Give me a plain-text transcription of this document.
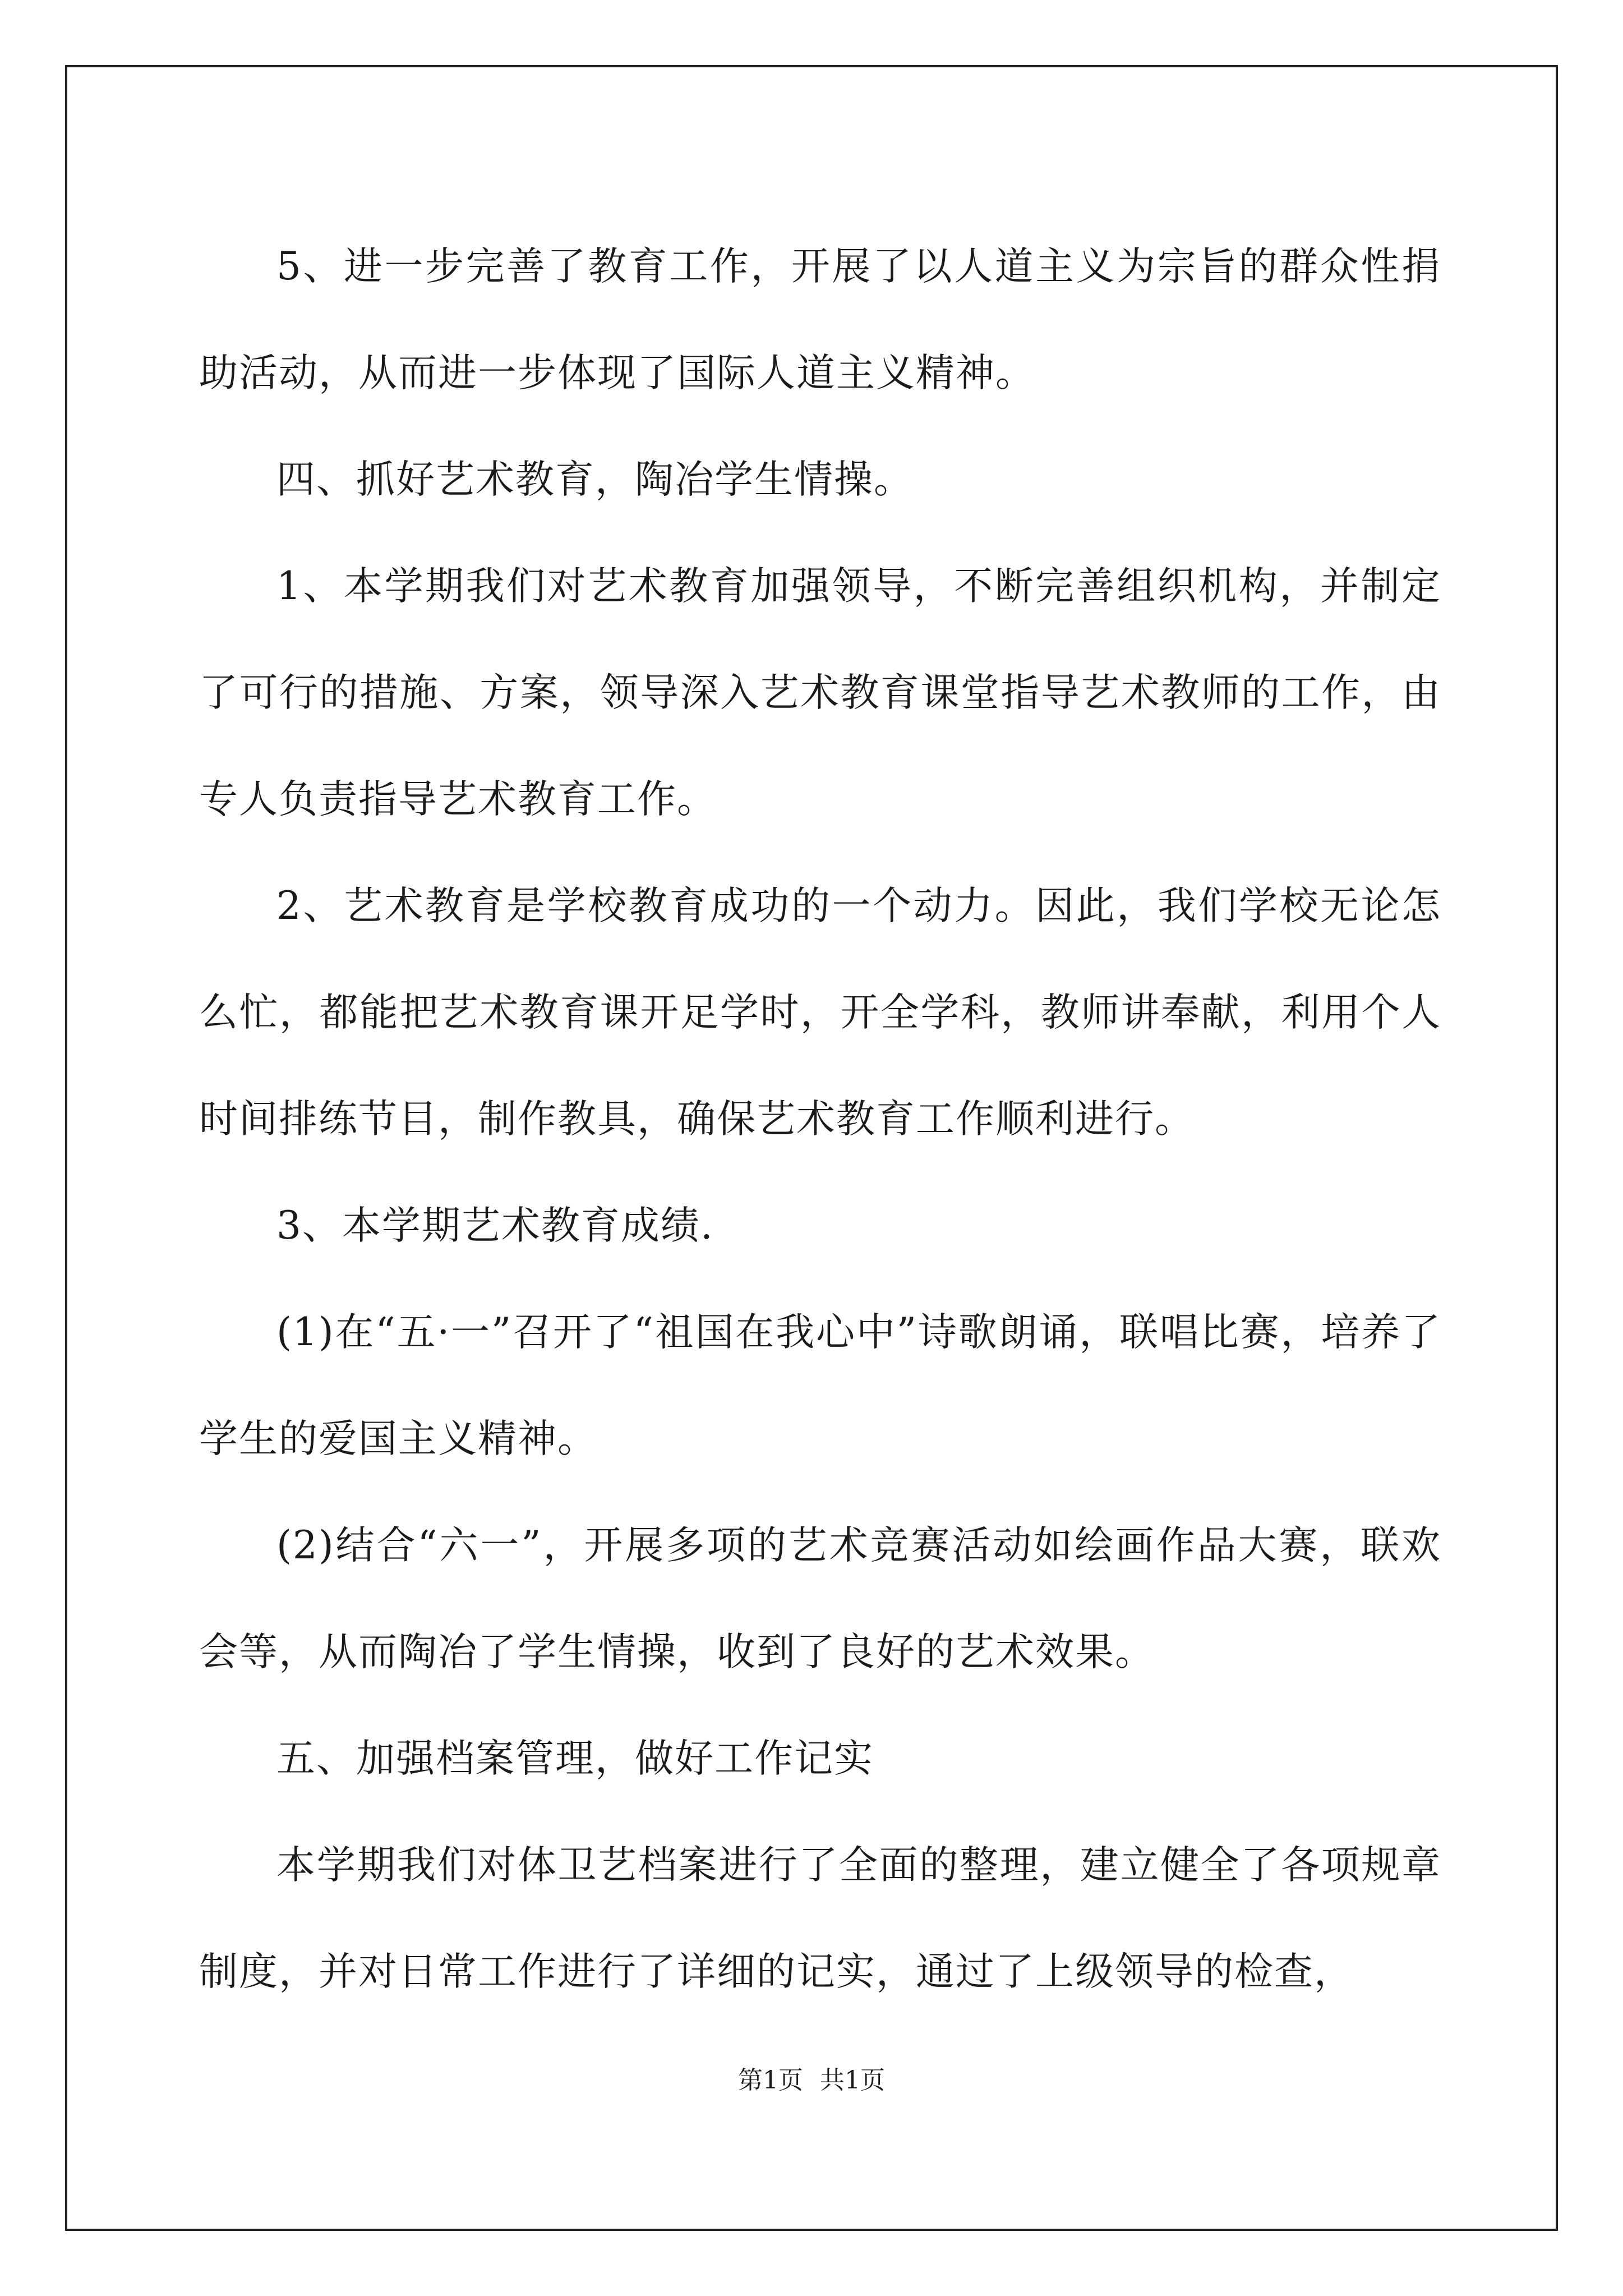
5、进一步完善了教育工作，开展了以人道主义为宗旨的群众性捐助活动，从而进一步体现了国际人道主义精神。

四、抓好艺术教育，陶冶学生情操。

1、本学期我们对艺术教育加强领导，不断完善组织机构，并制定了可行的措施、方案，领导深入艺术教育课堂指导艺术教师的工作，由专人负责指导艺术教育工作。

2、艺术教育是学校教育成功的一个动力。因此，我们学校无论怎么忙，都能把艺术教育课开足学时，开全学科，教师讲奉献，利用个人时间排练节目，制作教具，确保艺术教育工作顺利进行。

3、本学期艺术教育成绩.

(1)在“五·一”召开了“祖国在我心中”诗歌朗诵，联唱比赛，培养了学生的爱国主义精神。

(2)结合“六一”，开展多项的艺术竞赛活动如绘画作品大赛，联欢会等，从而陶冶了学生情操，收到了良好的艺术效果。

五、加强档案管理，做好工作记实

本学期我们对体卫艺档案进行了全面的整理，建立健全了各项规章制度，并对日常工作进行了详细的记实，通过了上级领导的检查，

第1页 共1页
